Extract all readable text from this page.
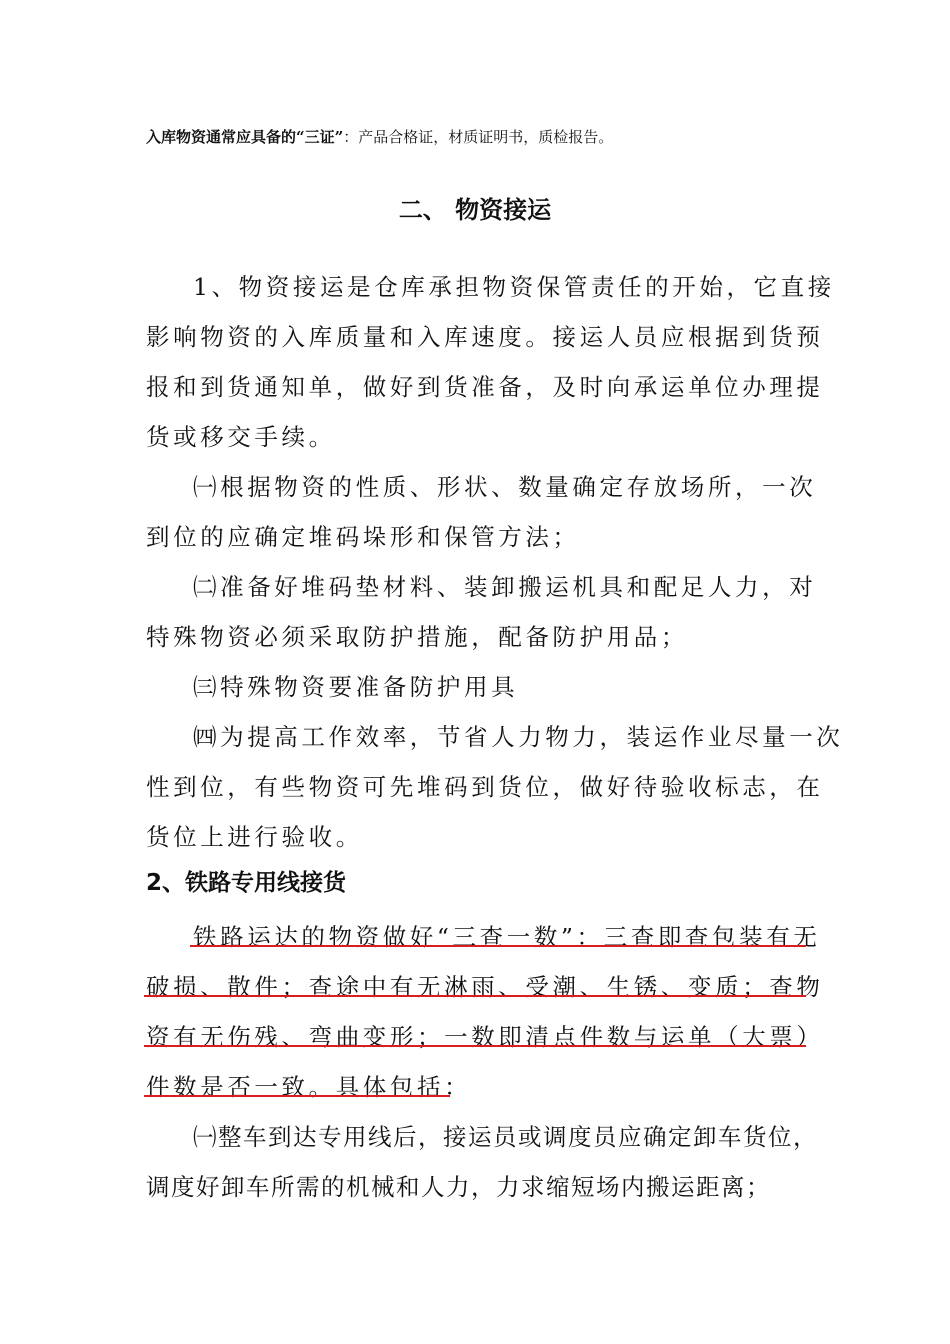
入库物资通常应具备的“三证”：产品合格证，材质证明书，质检报告。
二、 物资接运
1、物资接运是仓库承担物资保管责任的开始，它直接
影响物资的入库质量和入库速度。接运人员应根据到货预
报和到货通知单，做好到货准备，及时向承运单位办理提
货或移交手续。
㈠根据物资的性质、形状、数量确定存放场所，一次
到位的应确定堆码垛形和保管方法；
㈡准备好堆码垫材料、装卸搬运机具和配足人力，对
特殊物资必须采取防护措施，配备防护用品；
㈢特殊物资要准备防护用具
㈣为提高工作效率，节省人力物力，装运作业尽量一次
性到位，有些物资可先堆码到货位，做好待验收标志，在
货位上进行验收。
2、铁路专用线接货
铁路运达的物资做好“三查一数”：三查即查包装有无
破损、散件；查途中有无淋雨、受潮、生锈、变质；查物
资有无伤残、弯曲变形；一数即清点件数与运单（大票）
件数是否一致。具体包括：
㈠整车到达专用线后，接运员或调度员应确定卸车货位，
调度好卸车所需的机械和人力，力求缩短场内搬运距离；
